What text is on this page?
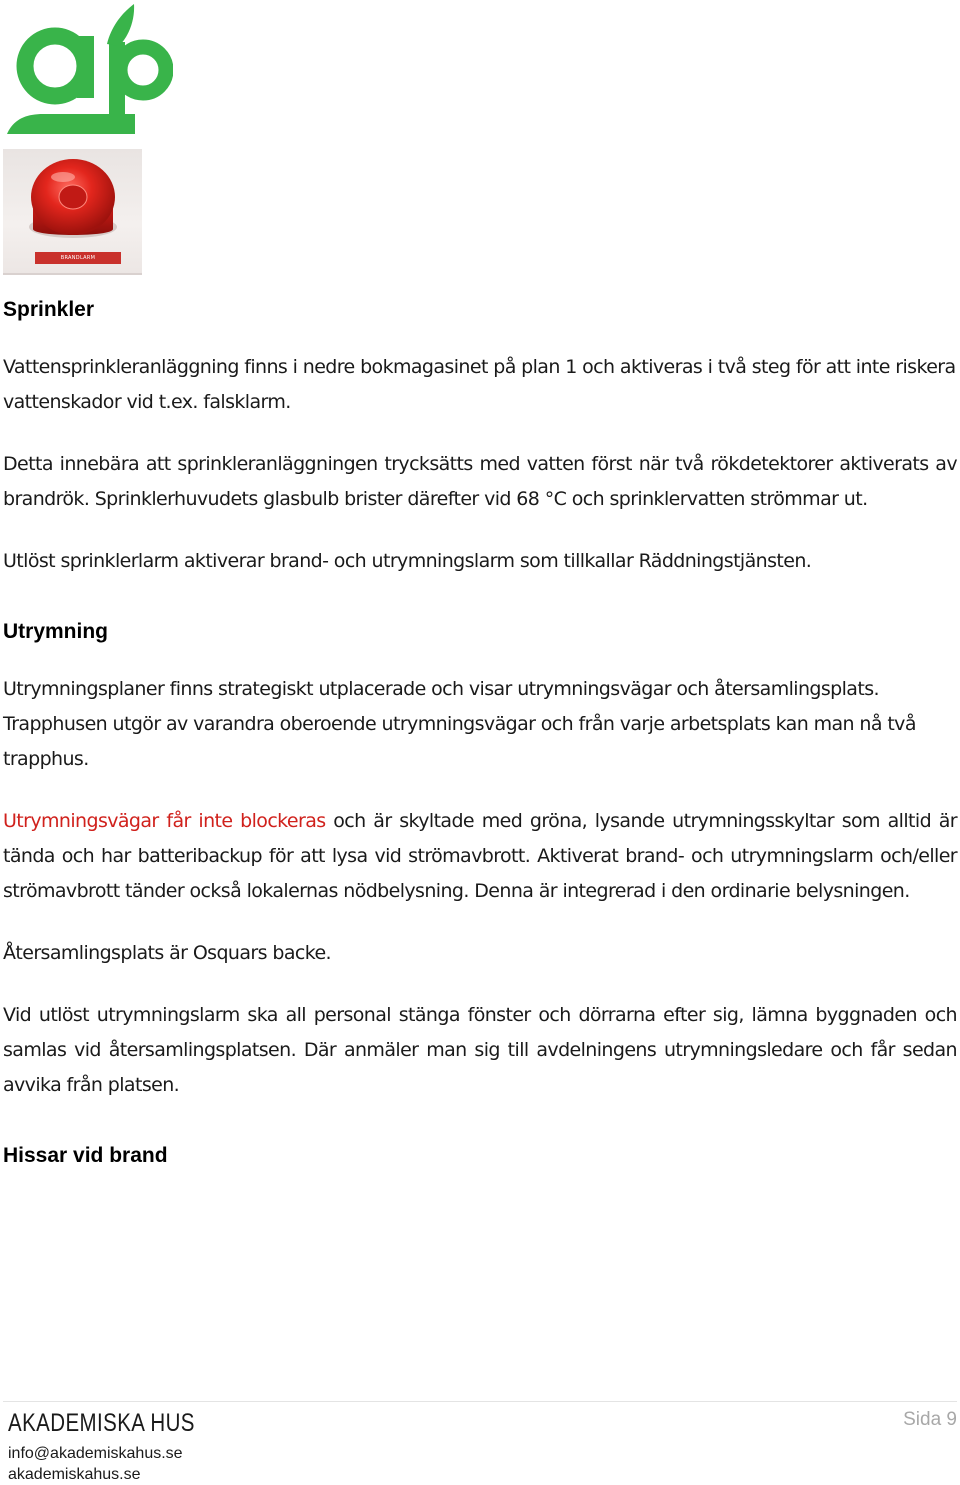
BRANDLARM
Sprinkler

Vattensprinkleranläggning finns i nedre bokmagasinet på plan 1 och aktiveras i två steg för att inte riskera vattenskador vid t.ex. falsklarm.

Detta innebära att sprinkleranläggningen trycksätts med vatten först när två rökdetektorer aktiverats av brandrök. Sprinklerhuvudets glasbulb brister därefter vid 68 °C och sprinklervatten strömmar ut.

Utlöst sprinklerlarm aktiverar brand- och utrymningslarm som tillkallar Räddningstjänsten.

Utrymning

Utrymningsplaner finns strategiskt utplacerade och visar utrymningsvägar och återsamlingsplats. Trapphusen utgör av varandra oberoende utrymningsvägar och från varje arbetsplats kan man nå två trapphus.

Utrymningsvägar får inte blockeras och är skyltade med gröna, lysande utrymningsskyltar som alltid är tända och har batteribackup för att lysa vid strömavbrott. Aktiverat brand- och utrymningslarm och/eller strömavbrott tänder också lokalernas nödbelysning. Denna är integrerad i den ordinarie belysningen.

Återsamlingsplats är Osquars backe.

Vid utlöst utrymningslarm ska all personal stänga fönster och dörrarna efter sig, lämna byggnaden och samlas vid återsamlingsplatsen. Där anmäler man sig till avdelningens utrymningsledare och får sedan avvika från platsen.

Hissar vid brand
AKADEMISKA HUS
info@akademiskahus.se
akademiskahus.se
Sida 9
